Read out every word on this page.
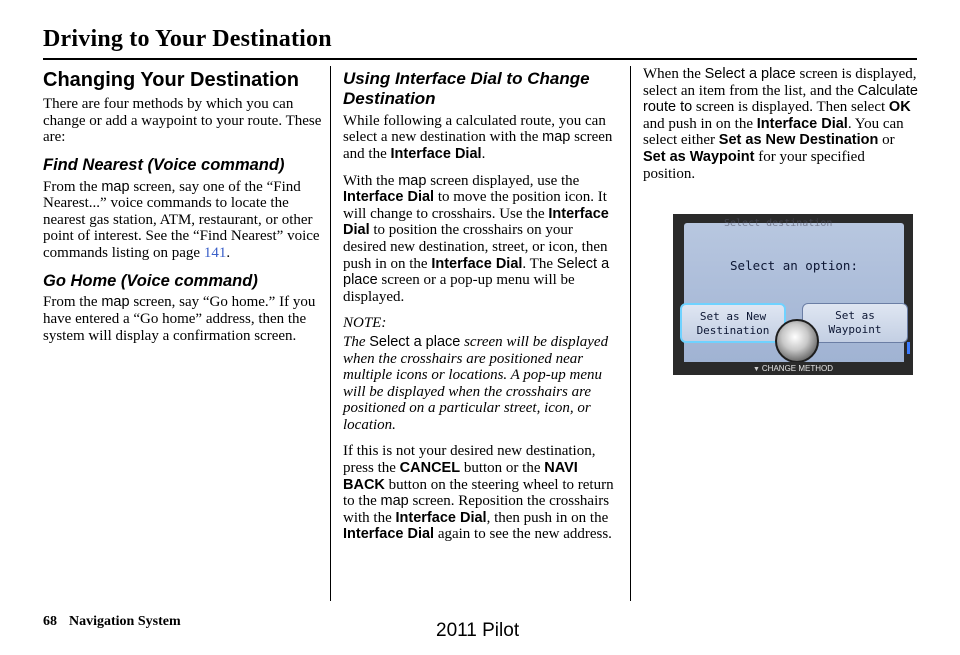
Driving to Your Destination
Changing Your Destination

There are four methods by which you can change or add a waypoint to your route. These are:

Find Nearest (Voice command)

From the map screen, say one of the “Find Nearest...” voice commands to locate the nearest gas station, ATM, restaurant, or other point of interest. See the “Find Nearest” voice commands listing on page 141.

Go Home (Voice command)

From the map screen, say “Go home.” If you have entered a “Go home” address, then the system will display a confirmation screen.

Using Interface Dial to Change Destination

While following a calculated route, you can select a new destination with the map screen and the Interface Dial.

With the map screen displayed, use the Interface Dial to move the position icon. It will change to crosshairs. Use the Interface Dial to position the crosshairs on your desired new destination, street, or icon, then push in on the Interface Dial. The Select a place screen or a pop-up menu will be displayed.

NOTE:

The Select a place screen will be displayed when the crosshairs are positioned near multiple icons or locations. A pop-up menu will be displayed when the crosshairs are positioned on a particular street, icon, or location.

If this is not your desired new destination, press the CANCEL button or the NAVI BACK button on the steering wheel to return to the map screen. Reposition the crosshairs with the Interface Dial, then push in on the Interface Dial again to see the new address.

When the Select a place screen is displayed, select an item from the list, and the Calculate route to screen is displayed. Then select OK and push in on the Interface Dial. You can select either Set as New Destination or Set as Waypoint for your specified position.

Select destination
Select an option:
Set as New
Destination
Set as
Waypoint
▼ CHANGE METHOD
68 Navigation System	2011 Pilot
